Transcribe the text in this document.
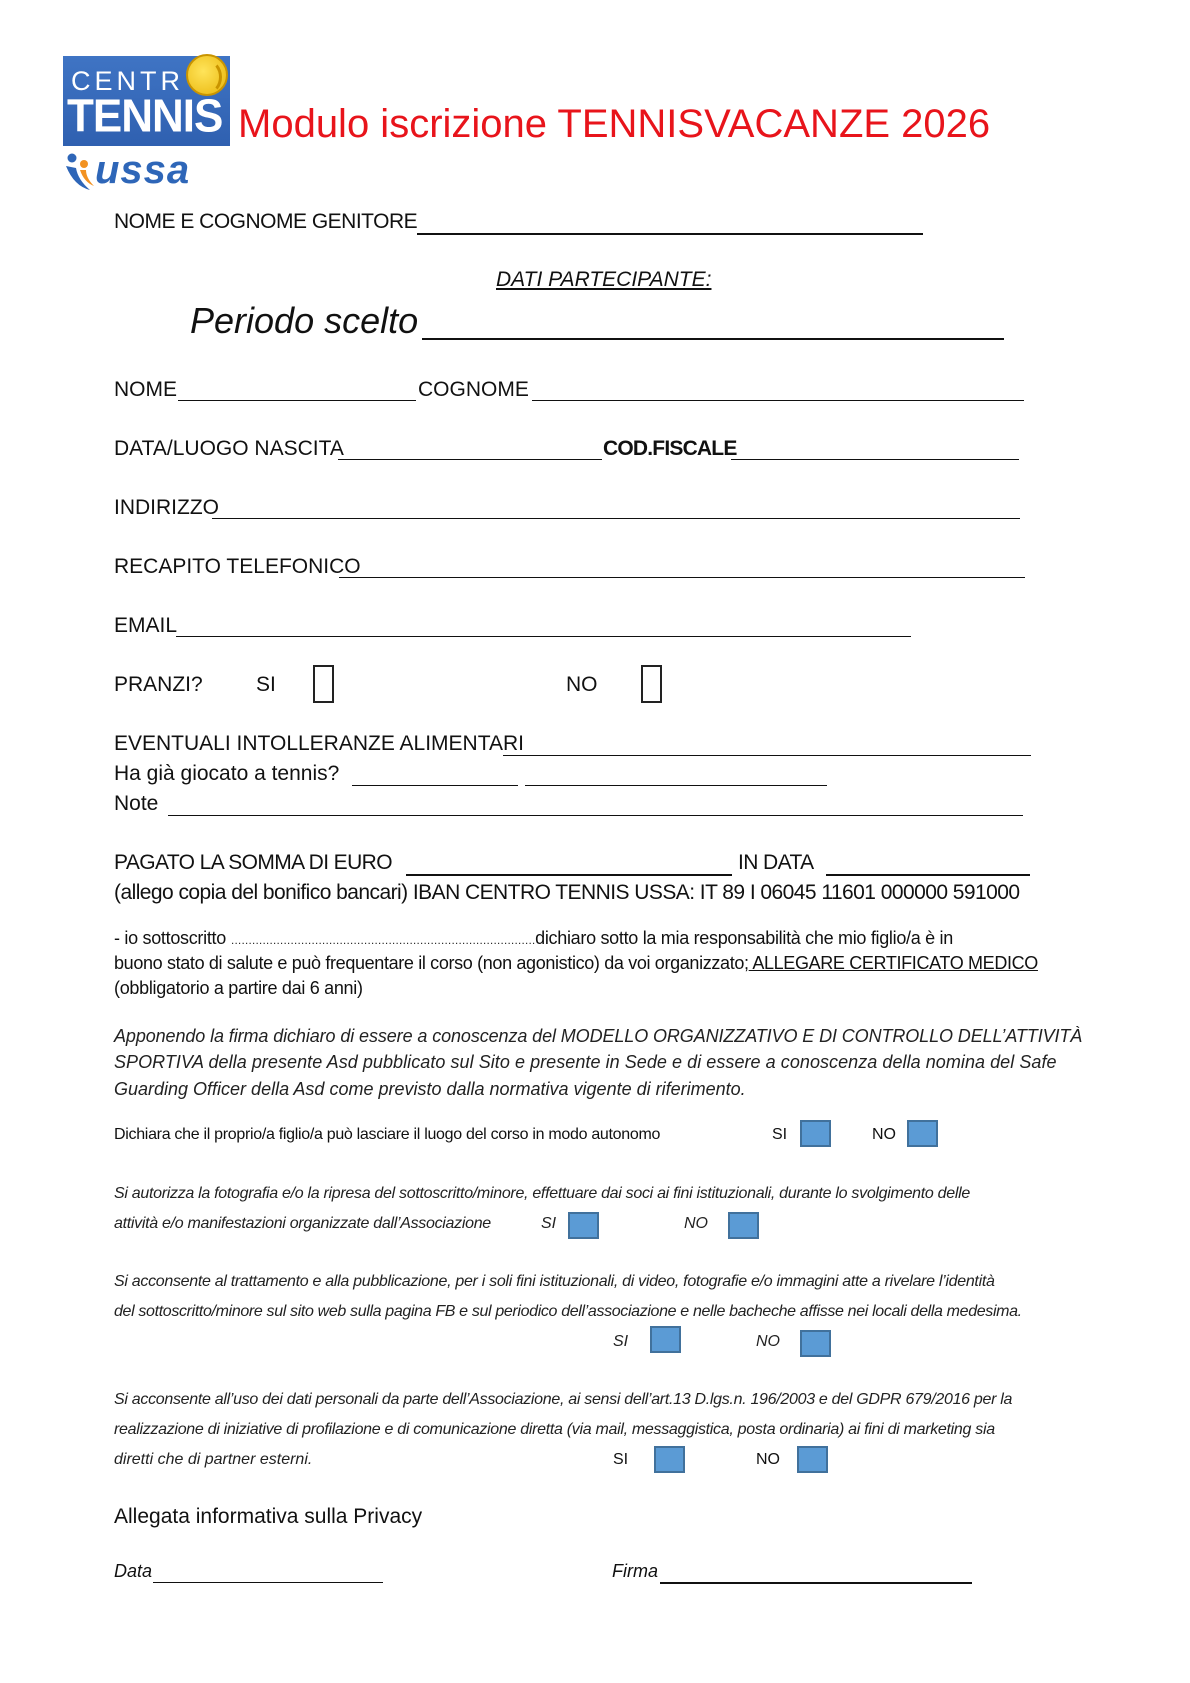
CENTR
TENNIS
ussa
Modulo iscrizione TENNISVACANZE 2026
NOME E COGNOME GENITORE
DATI PARTECIPANTE:
Periodo scelto
NOME	COGNOME
DATA/LUOGO NASCITA	COD.FISCALE
INDIRIZZO
RECAPITO TELEFONICO
EMAIL
PRANZI?	SI	NO
EVENTUALI INTOLLERANZE ALIMENTARI
Ha già giocato a tennis?
Note
PAGATO LA SOMMA DI EURO	IN DATA
(allego copia del bonifico bancari) IBAN CENTRO TENNIS USSA: IT 89 I 06045 11601 000000 591000
- io sottoscritto ……………………………………………………………………………dichiaro sotto la mia responsabilità che mio figlio/a è in
buono stato di salute e può frequentare il corso (non agonistico) da voi organizzato; ALLEGARE CERTIFICATO MEDICO
(obbligatorio a partire dai 6 anni)
Apponendo la firma dichiaro di essere a conoscenza del MODELLO ORGANIZZATIVO E DI CONTROLLO DELL’ATTIVITÀ
SPORTIVA della presente Asd pubblicato sul Sito e presente in Sede e di essere a conoscenza della nomina del Safe
Guarding Officer della Asd come previsto dalla normativa vigente di riferimento.
Dichiara che il proprio/a figlio/a può lasciare il luogo del corso in modo autonomo	SI	NO
Si autorizza la fotografia e/o la ripresa del sottoscritto/minore, effettuare dai soci ai fini istituzionali, durante lo svolgimento delle
attività e/o manifestazioni organizzate dall’Associazione	SI	NO
Si acconsente al trattamento e alla pubblicazione, per i soli fini istituzionali, di video, fotografie e/o immagini atte a rivelare l’identità
del sottoscritto/minore sul sito web sulla pagina FB e sul periodico dell’associazione e nelle bacheche affisse nei locali della medesima.
SI	NO
Si acconsente all’uso dei dati personali da parte dell’Associazione, ai sensi dell’art.13 D.lgs.n. 196/2003 e del GDPR 679/2016 per la
realizzazione di iniziative di profilazione e di comunicazione diretta (via mail, messaggistica, posta ordinaria) ai fini di marketing sia
diretti che di partner esterni.	SI	NO
Allegata informativa sulla Privacy
Data	Firma
